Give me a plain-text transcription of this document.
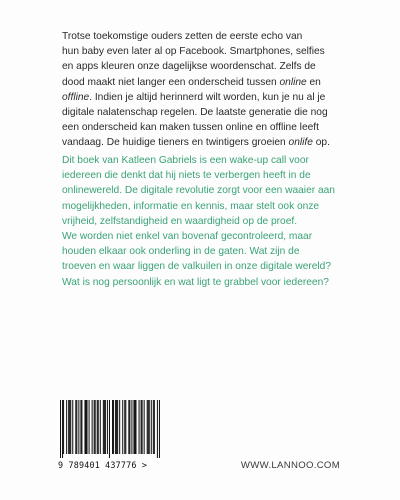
Trotse toekomstige ouders zetten de eerste echo van

hun baby even later al op Facebook. Smartphones, selfies

en apps kleuren onze dagelijkse woordenschat. Zelfs de

dood maakt niet langer een onderscheid tussen online en

offline. Indien je altijd herinnerd wilt worden, kun je nu al je

digitale nalatenschap regelen. De laatste generatie die nog

een onderscheid kan maken tussen online en offline leeft

vandaag. De huidige tieners en twintigers groeien onlife op.

Dit boek van Katleen Gabriels is een wake-up call voor

iedereen die denkt dat hij niets te verbergen heeft in de

onlinewereld. De digitale revolutie zorgt voor een waaier aan

mogelijkheden, informatie en kennis, maar stelt ook onze

vrijheid, zelfstandigheid en waardigheid op de proef.

We worden niet enkel van bovenaf gecontroleerd, maar

houden elkaar ook onderling in de gaten. Wat zijn de

troeven en waar liggen de valkuilen in onze digitale wereld?

Wat is nog persoonlijk en wat ligt te grabbel voor iedereen?

9 789401 437776 >	WWW.LANNOO.COM
